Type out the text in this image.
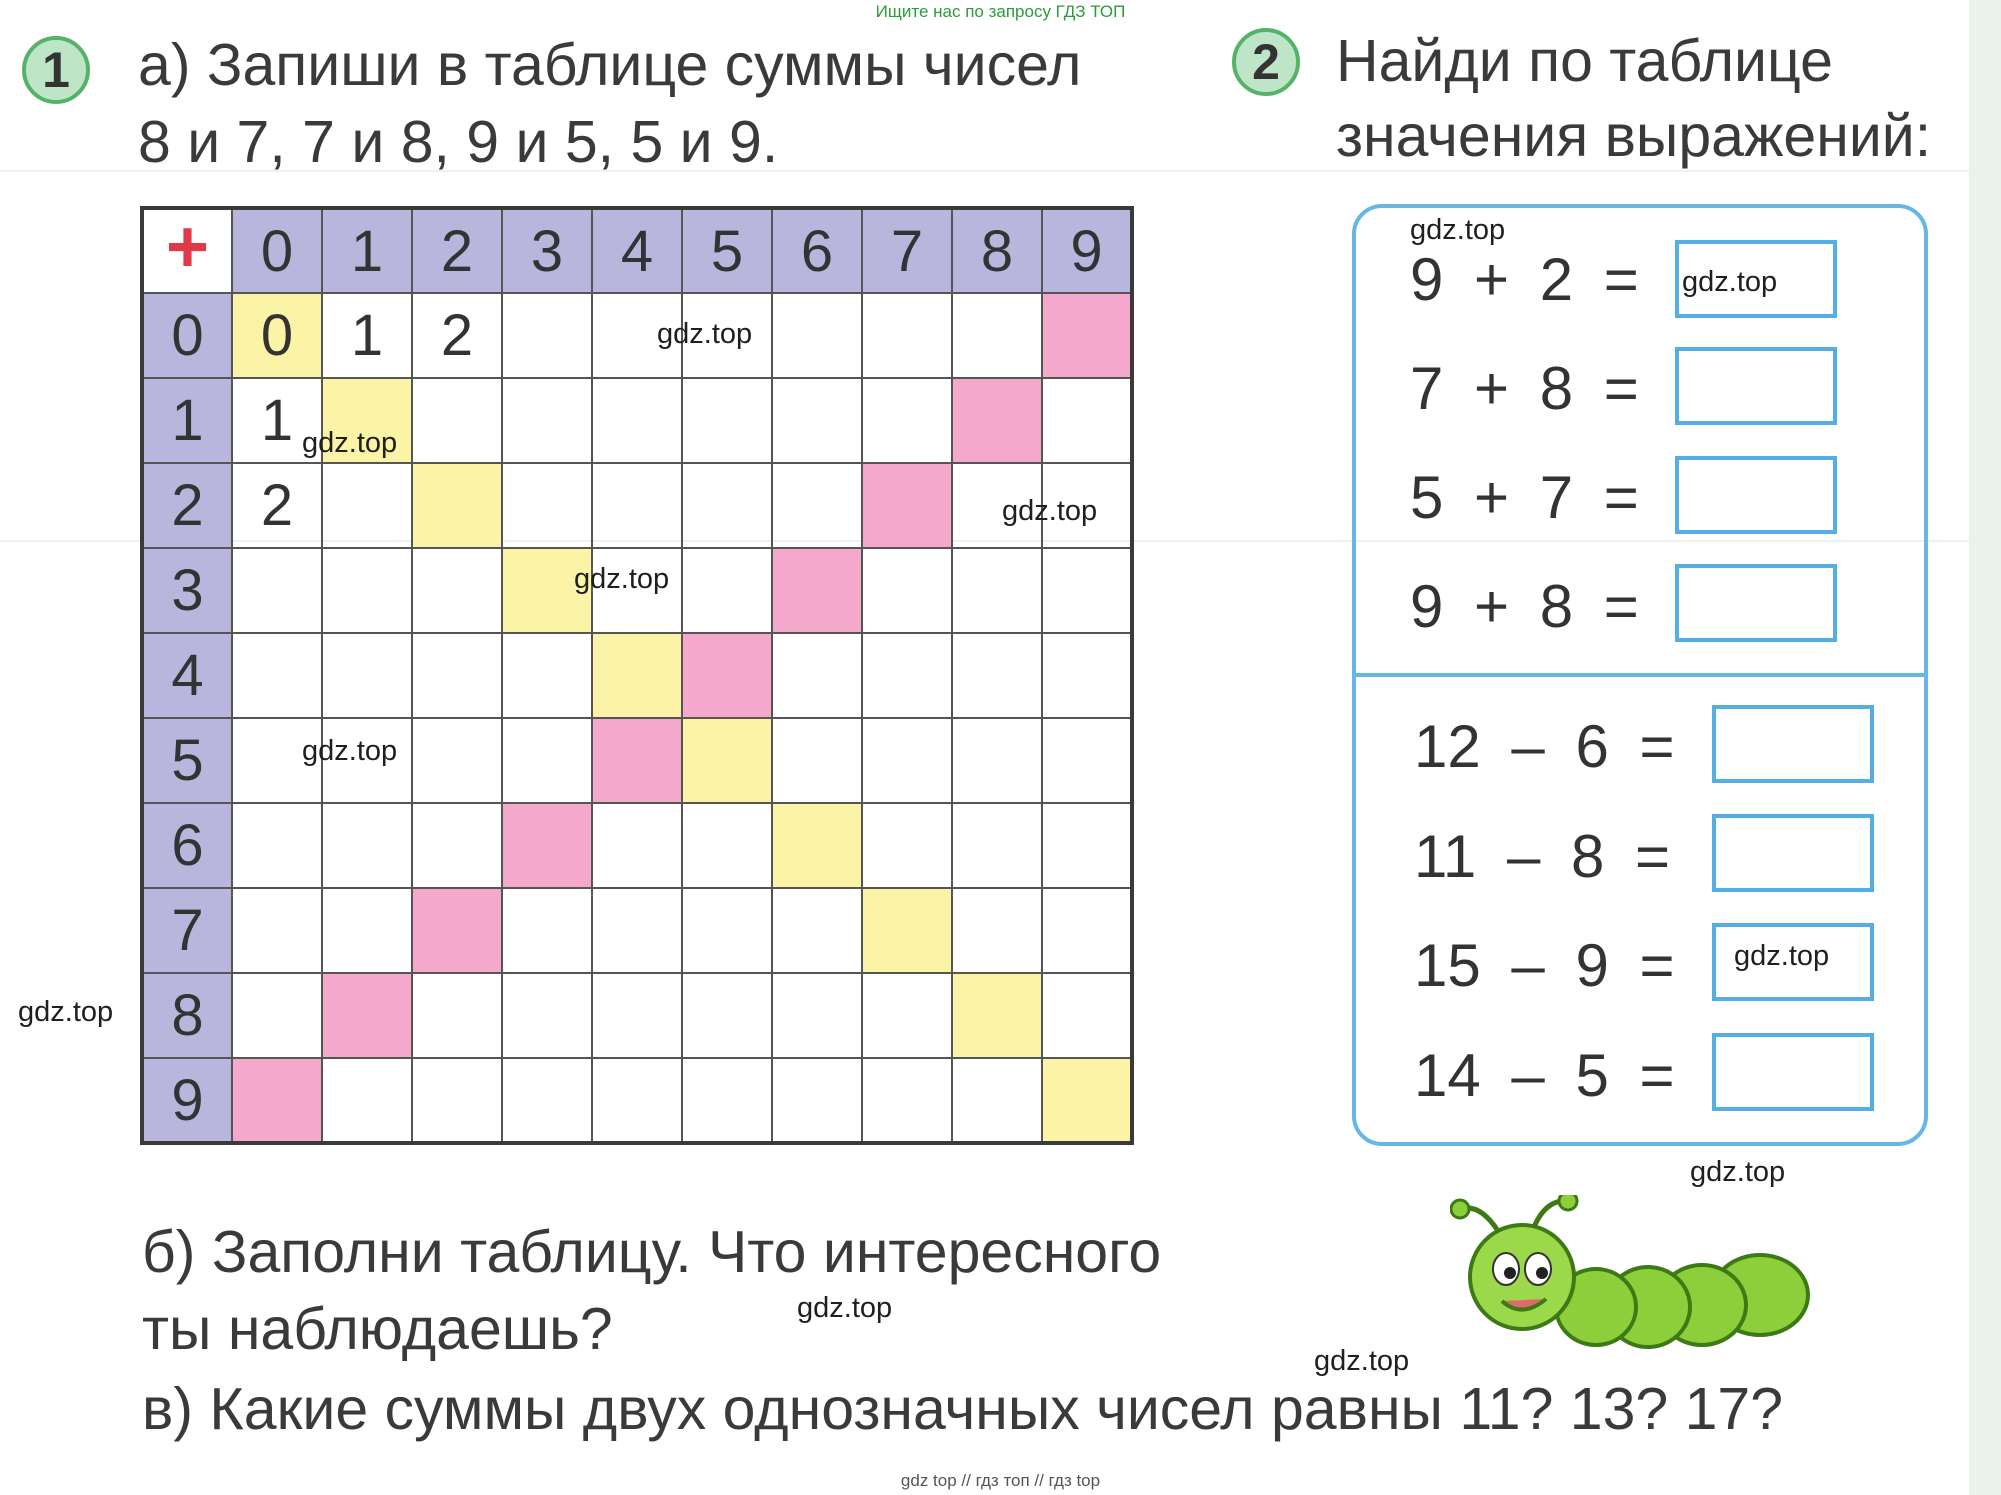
Ищите нас по запросу ГДЗ ТОП
1	а) Запиши в таблице суммы чисел
8 и 7, 7 и 8, 9 и 5, 5 и 9.
+	0	1	2	3	4	5	6	7	8	9
0	0	1	2							
1	1									
2	2									
3										
4										
5										
6										
7										
8										
9										
б) Заполни таблицу. Что интересного
ты наблюдаешь?
в) Какие суммы двух однозначных чисел равны 11? 13? 17?
2 Найди по таблице
значения выражений:
9 + 2 =
7 + 8 =
5 + 7 =
9 + 8 =
12 – 6 =
11 – 8 =
15 – 9 =
14 – 5 =
gdz.top
gdz.top
gdz.top
gdz.top
gdz.top
gdz.top
gdz.top
gdz.top
gdz.top
gdz.top
gdz.top
gdz.top
gdz top // гдз топ // гдз top
